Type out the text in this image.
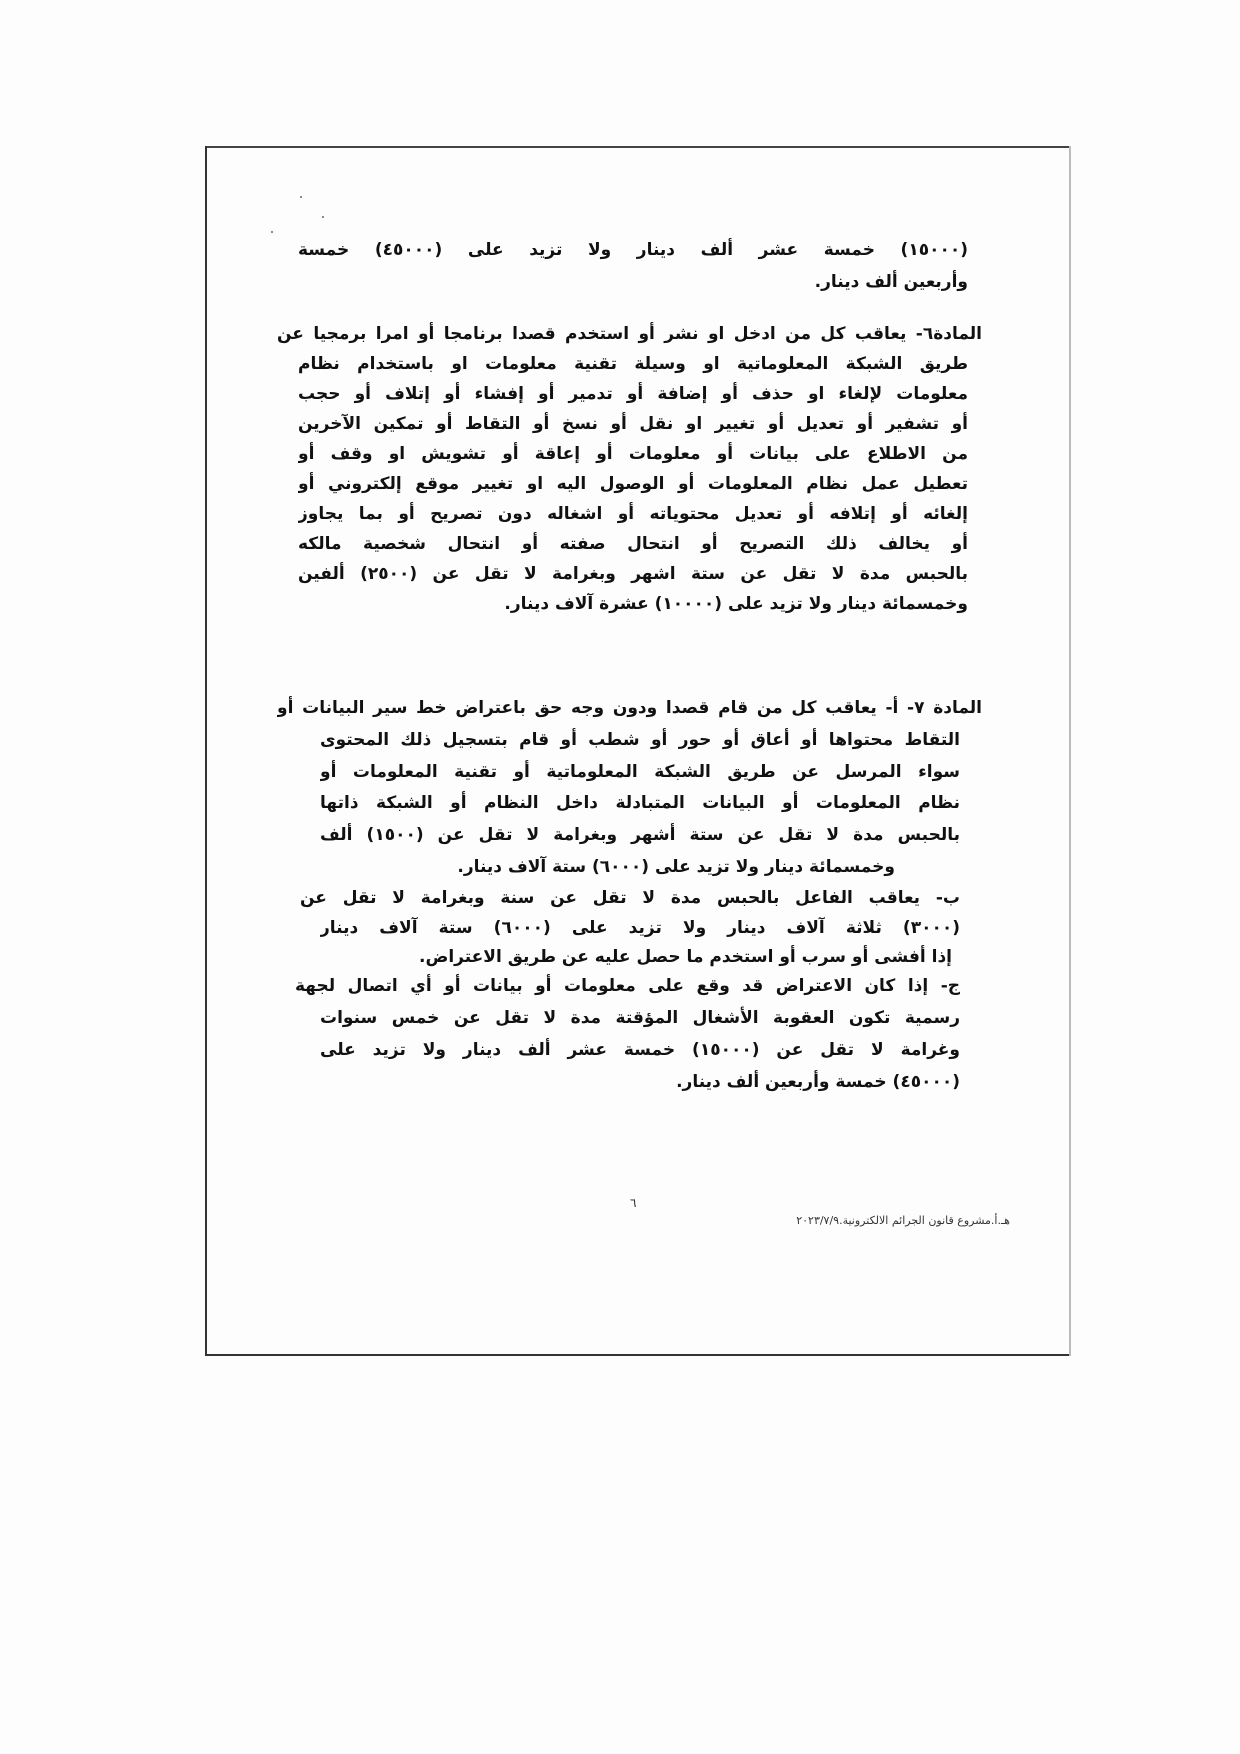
(١٥٠٠٠) خمسة عشر ألف دينار ولا تزيد على (٤٥٠٠٠) خمسة
وأربعين ألف دينار.
المادة٦- يعاقب كل من ادخل او نشر أو استخدم قصدا برنامجا أو امرا برمجيا عن
طريق الشبكة المعلوماتية او وسيلة تقنية معلومات او باستخدام نظام
معلومات لإلغاء او حذف أو إضافة أو تدمير أو إفشاء أو إتلاف أو حجب
أو تشفير أو تعديل أو تغيير او نقل أو نسخ أو التقاط أو تمكين الآخرين
من الاطلاع على بيانات أو معلومات أو إعاقة أو تشويش او وقف أو
تعطيل عمل نظام المعلومات أو الوصول اليه او تغيير موقع إلكتروني أو
إلغائه أو إتلافه أو تعديل محتوياته أو اشغاله دون تصريح أو بما يجاوز
أو يخالف ذلك التصريح أو انتحال صفته أو انتحال شخصية مالكه
بالحبس مدة لا تقل عن ستة اشهر وبغرامة لا تقل عن (٢٥٠٠) ألفين
وخمسمائة دينار ولا تزيد على (١٠٠٠٠) عشرة آلاف دينار.
المادة ٧- أ- يعاقب كل من قام قصدا ودون وجه حق باعتراض خط سير البيانات أو
التقاط محتواها أو أعاق أو حور أو شطب أو قام بتسجيل ذلك المحتوى
سواء المرسل عن طريق الشبكة المعلوماتية أو تقنية المعلومات أو
نظام المعلومات أو البيانات المتبادلة داخل النظام أو الشبكة ذاتها
بالحبس مدة لا تقل عن ستة أشهر وبغرامة لا تقل عن (١٥٠٠) ألف
وخمسمائة دينار ولا تزيد على (٦٠٠٠) ستة آلاف دينار.
ب- يعاقب الفاعل بالحبس مدة لا تقل عن سنة وبغرامة لا تقل عن
(٣٠٠٠) ثلاثة آلاف دينار ولا تزيد على (٦٠٠٠) ستة آلاف دينار
إذا أفشى أو سرب أو استخدم ما حصل عليه عن طريق الاعتراض.
ج- إذا كان الاعتراض قد وقع على معلومات أو بيانات أو أي اتصال لجهة
رسمية تكون العقوبة الأشغال المؤقتة مدة لا تقل عن خمس سنوات
وغرامة لا تقل عن (١٥٠٠٠) خمسة عشر ألف دينار ولا تزيد على
(٤٥٠٠٠) خمسة وأربعين ألف دينار.
٦
هـ.أ.مشروع قانون الجرائم الالكترونية.٢٠٢٣/٧/٩
